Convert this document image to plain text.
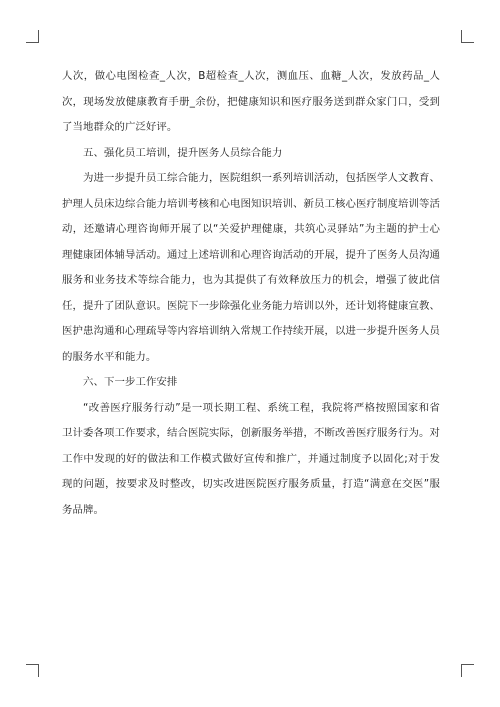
人次，做心电图检查_人次，B超检查_人次，测血压、血糖_人次，发放药品_人次，现场发放健康教育手册_余份，把健康知识和医疗服务送到群众家门口，受到了当地群众的广泛好评。

五、强化员工培训，提升医务人员综合能力

为进一步提升员工综合能力，医院组织一系列培训活动，包括医学人文教育、护理人员床边综合能力培训考核和心电图知识培训、新员工核心医疗制度培训等活动，还邀请心理咨询师开展了以“关爱护理健康，共筑心灵驿站”为主题的护士心理健康团体辅导活动。通过上述培训和心理咨询活动的开展，提升了医务人员沟通服务和业务技术等综合能力，也为其提供了有效释放压力的机会，增强了彼此信任，提升了团队意识。医院下一步除强化业务能力培训以外，还计划将健康宣教、医护患沟通和心理疏导等内容培训纳入常规工作持续开展，以进一步提升医务人员的服务水平和能力。

六、下一步工作安排

“改善医疗服务行动”是一项长期工程、系统工程，我院将严格按照国家和省卫计委各项工作要求，结合医院实际，创新服务举措，不断改善医疗服务行为。对工作中发现的好的做法和工作模式做好宣传和推广，并通过制度予以固化;对于发现的问题，按要求及时整改，切实改进医院医疗服务质量，打造“满意在交医”服务品牌。
